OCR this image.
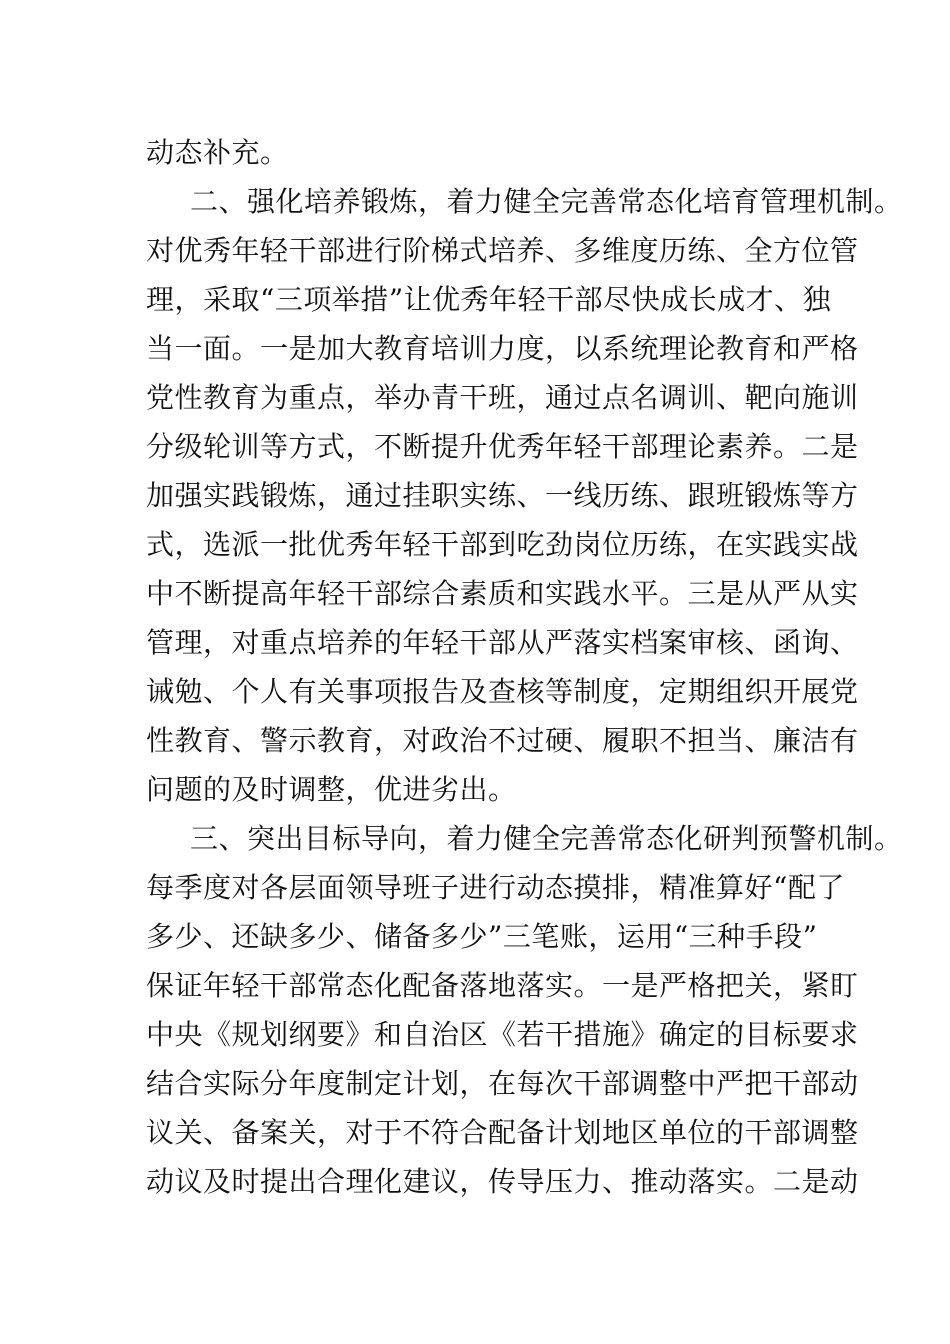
动态补充。
二、强化培养锻炼，着力健全完善常态化培育管理机制。
对优秀年轻干部进行阶梯式培养、多维度历练、全方位管
理，采取“三项举措”让优秀年轻干部尽快成长成才、独
当一面。一是加大教育培训力度，以系统理论教育和严格
党性教育为重点，举办青干班，通过点名调训、靶向施训
分级轮训等方式，不断提升优秀年轻干部理论素养。二是
加强实践锻炼，通过挂职实练、一线历练、跟班锻炼等方
式，选派一批优秀年轻干部到吃劲岗位历练，在实践实战
中不断提高年轻干部综合素质和实践水平。三是从严从实
管理，对重点培养的年轻干部从严落实档案审核、函询、
诫勉、个人有关事项报告及查核等制度，定期组织开展党
性教育、警示教育，对政治不过硬、履职不担当、廉洁有
问题的及时调整，优进劣出。
三、突出目标导向，着力健全完善常态化研判预警机制。
每季度对各层面领导班子进行动态摸排，精准算好“配了
多少、还缺多少、储备多少”三笔账，运用“三种手段”
保证年轻干部常态化配备落地落实。一是严格把关，紧盯
中央《规划纲要》和自治区《若干措施》确定的目标要求
结合实际分年度制定计划，在每次干部调整中严把干部动
议关、备案关，对于不符合配备计划地区单位的干部调整
动议及时提出合理化建议，传导压力、推动落实。二是动
